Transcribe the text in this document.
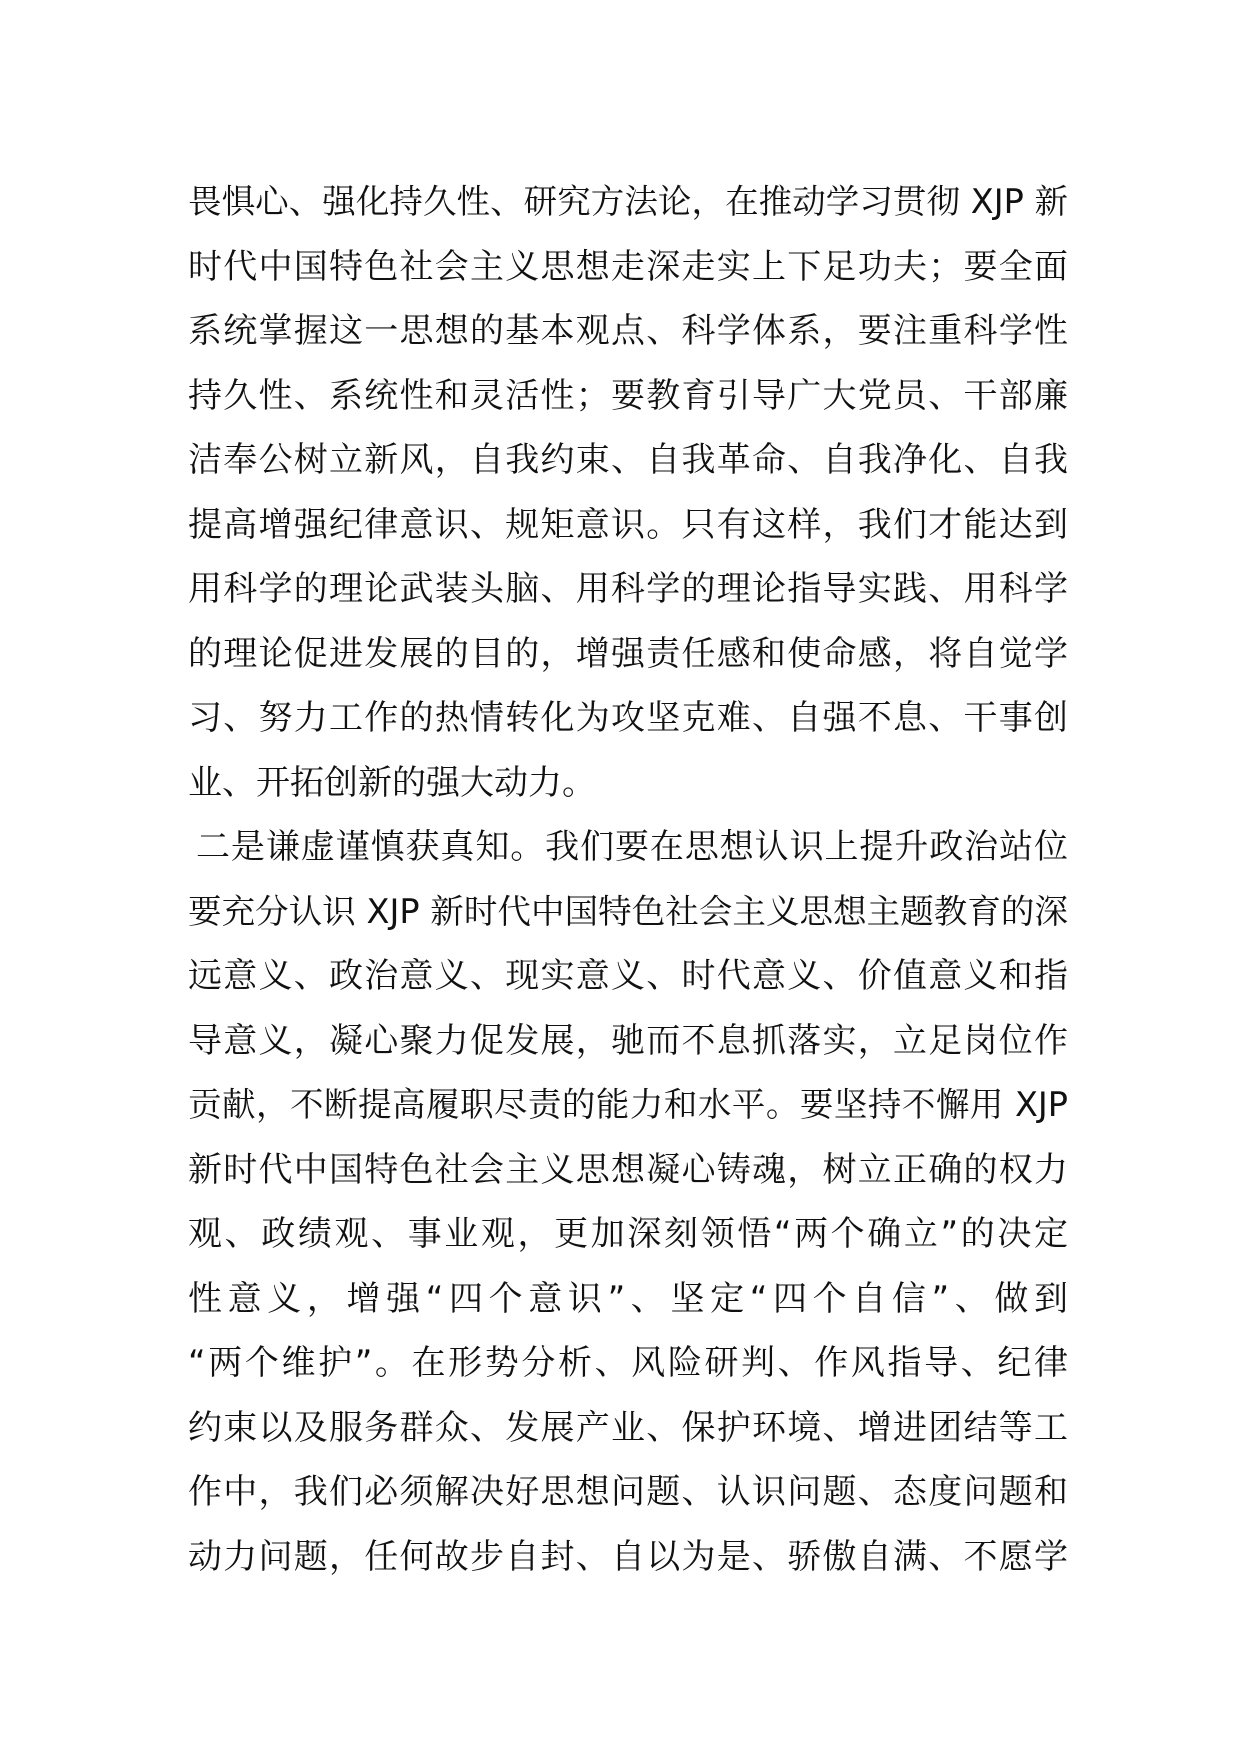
畏惧心、强化持久性、研究方法论，在推动学习贯彻 XJP 新
时代中国特色社会主义思想走深走实上下足功夫；要全面
系统掌握这一思想的基本观点、科学体系，要注重科学性
持久性、系统性和灵活性；要教育引导广大党员、干部廉
洁奉公树立新风，自我约束、自我革命、自我净化、自我
提高增强纪律意识、规矩意识。只有这样，我们才能达到
用科学的理论武装头脑、用科学的理论指导实践、用科学
的理论促进发展的目的，增强责任感和使命感，将自觉学
习、努力工作的热情转化为攻坚克难、自强不息、干事创
业、开拓创新的强大动力。
二是谦虚谨慎获真知。我们要在思想认识上提升政治站位
要充分认识 XJP 新时代中国特色社会主义思想主题教育的深
远意义、政治意义、现实意义、时代意义、价值意义和指
导意义，凝心聚力促发展，驰而不息抓落实，立足岗位作
贡献，不断提高履职尽责的能力和水平。要坚持不懈用 XJP
新时代中国特色社会主义思想凝心铸魂，树立正确的权力
观、政绩观、事业观，更加深刻领悟“两个确立”的决定
性意义，增强“四个意识”、坚定“四个自信”、做到
“两个维护”。在形势分析、风险研判、作风指导、纪律
约束以及服务群众、发展产业、保护环境、增进团结等工
作中，我们必须解决好思想问题、认识问题、态度问题和
动力问题，任何故步自封、自以为是、骄傲自满、不愿学
